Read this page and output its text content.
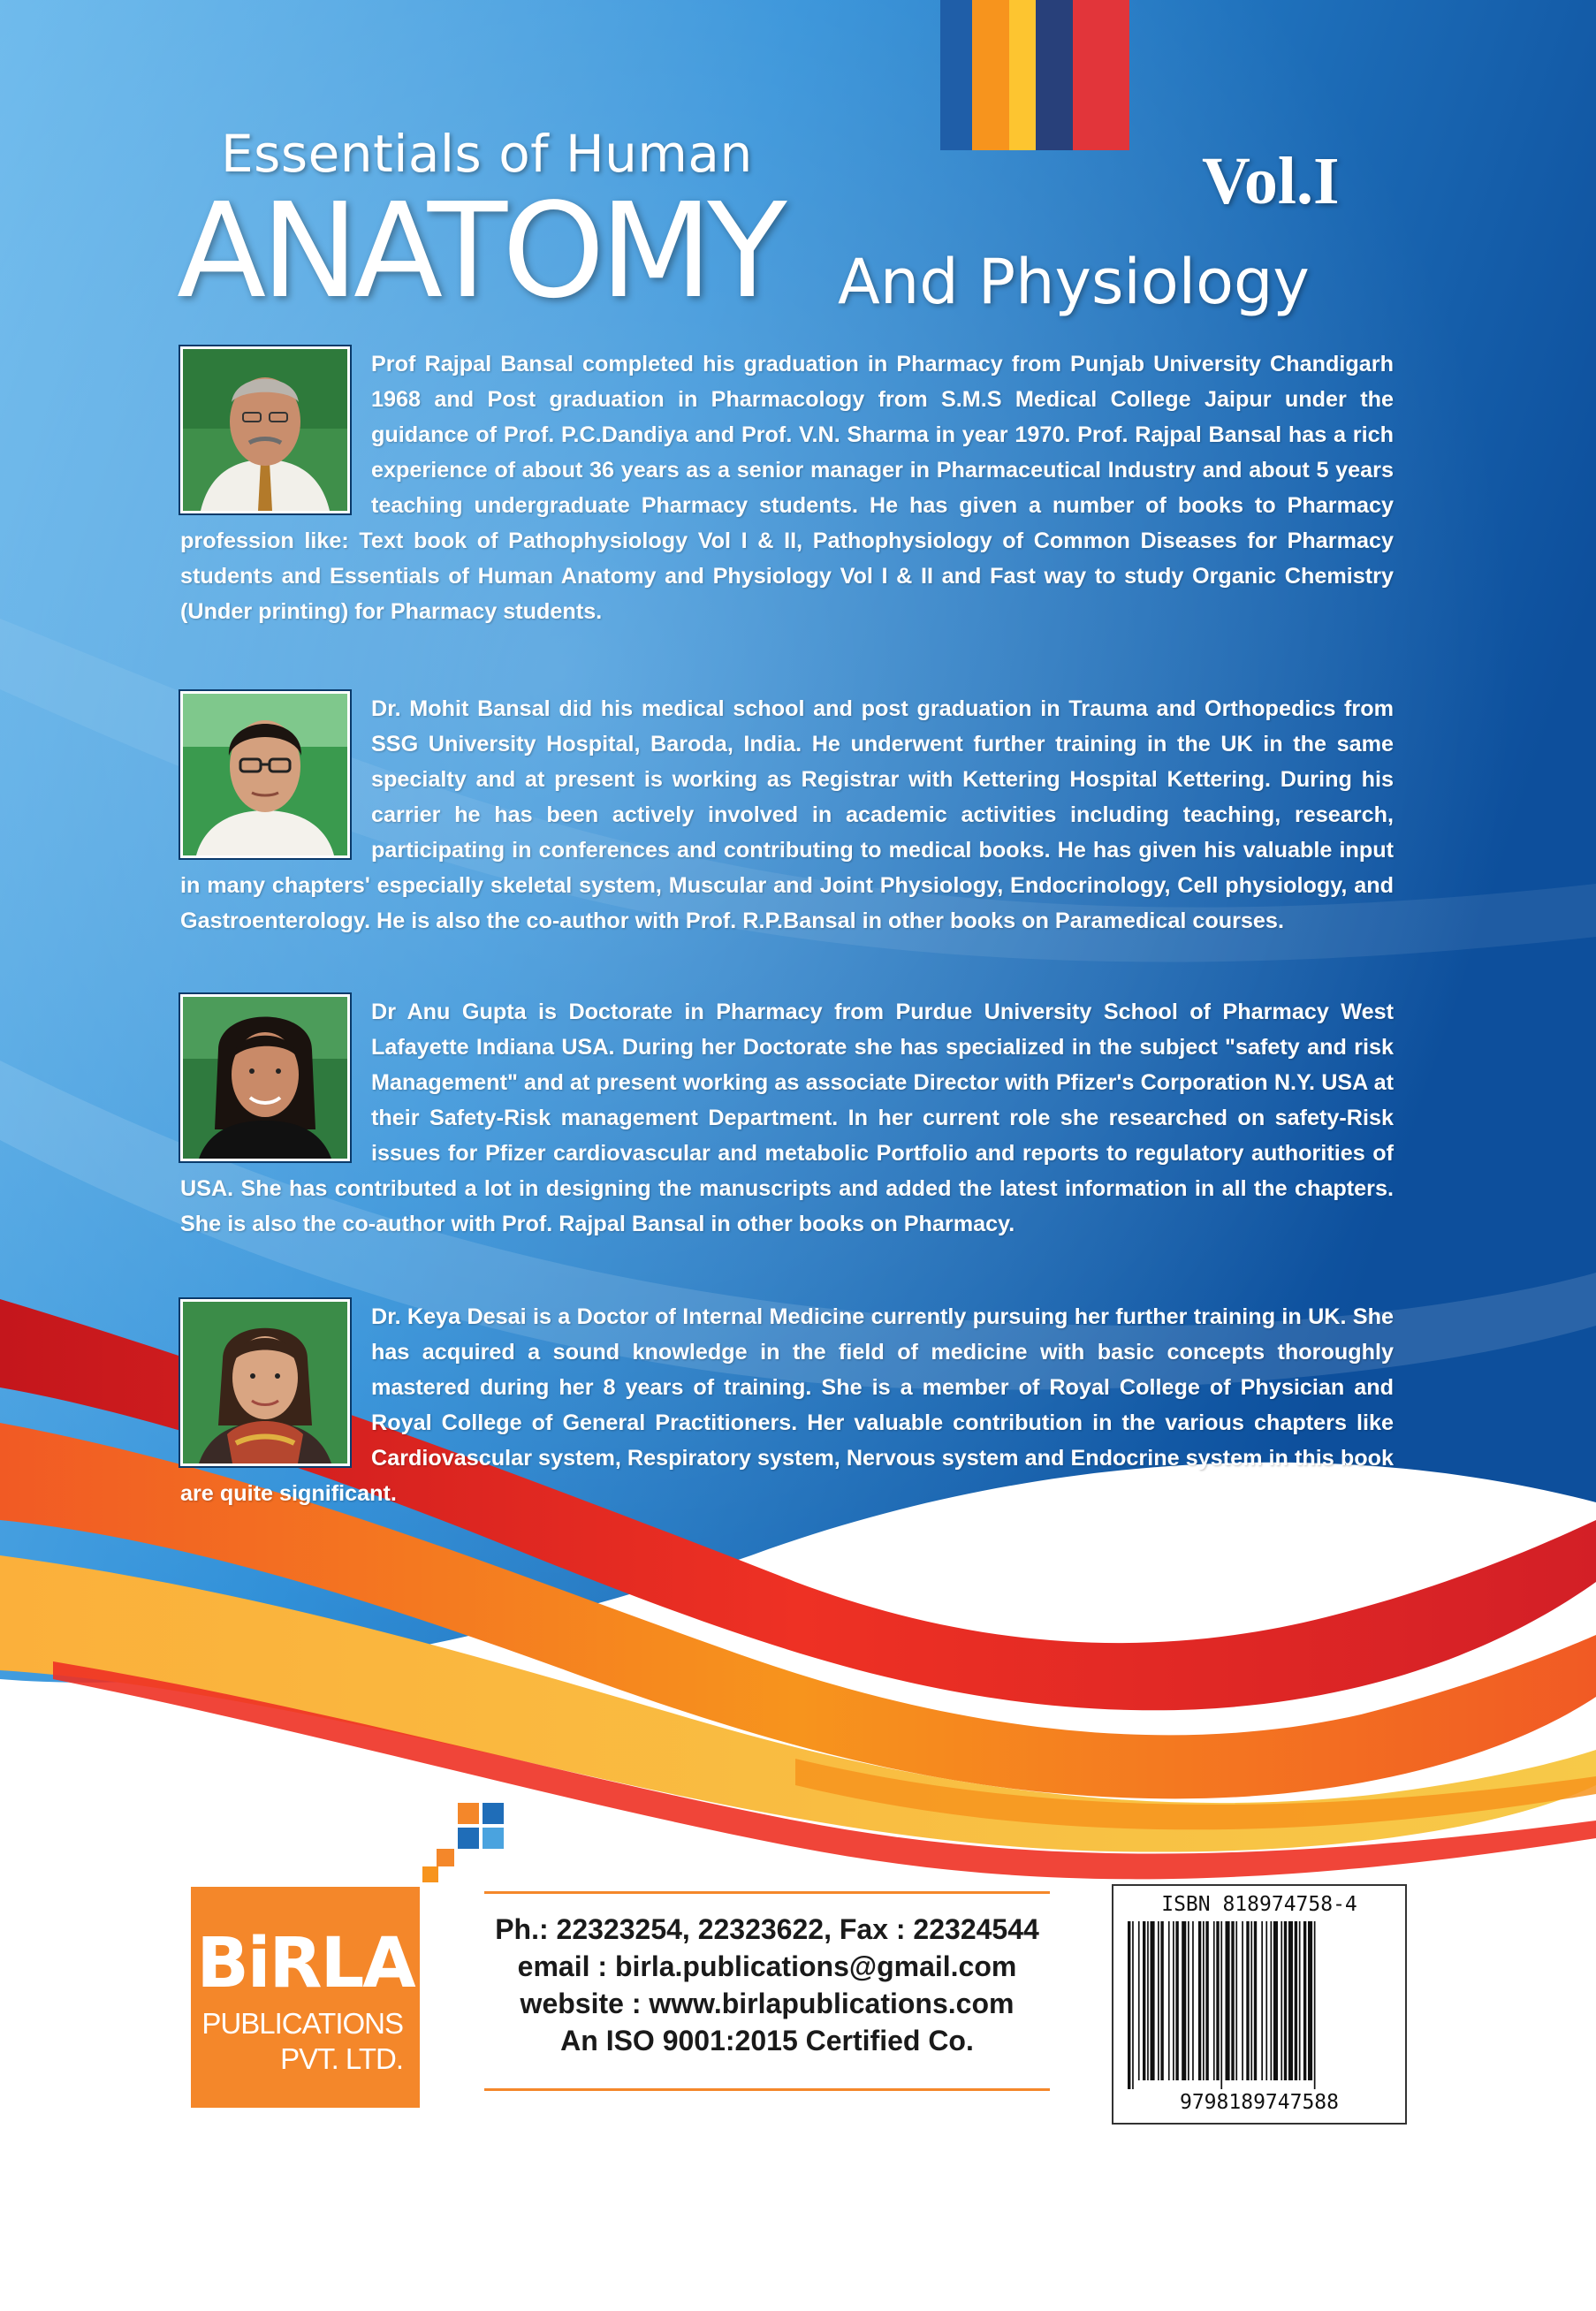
Essentials of Human
ANATOMY And Physiology
Vol.I
Prof Rajpal Bansal completed his graduation in Pharmacy from Punjab University Chandigarh 1968 and Post graduation in Pharmacology from S.M.S Medical College Jaipur under the guidance of Prof. P.C.Dandiya and Prof. V.N. Sharma in year 1970. Prof. Rajpal Bansal has a rich experience of about 36 years as a senior manager in Pharmaceutical Industry and about 5 years teaching undergraduate Pharmacy students. He has given a number of books to Pharmacy profession like: Text book of Pathophysiology Vol I & II, Pathophysiology of Common Diseases for Pharmacy students and Essentials of Human Anatomy and Physiology Vol I & II and Fast way to study Organic Chemistry (Under printing) for Pharmacy students.
Dr. Mohit Bansal did his medical school and post graduation in Trauma and Orthopedics from SSG University Hospital, Baroda, India. He underwent further training in the UK in the same specialty and at present is working as Registrar with Kettering Hospital Kettering. During his carrier he has been actively involved in academic activities including teaching, research, participating in conferences and contributing to medical books. He has given his valuable input in many chapters' especially skeletal system, Muscular and Joint Physiology, Endocrinology, Cell physiology, and Gastroenterology. He is also the co-author with Prof. R.P.Bansal in other books on Paramedical courses.
Dr Anu Gupta is Doctorate in Pharmacy from Purdue University School of Pharmacy West Lafayette Indiana USA. During her Doctorate she has specialized in the subject "safety and risk Management" and at present working as associate Director with Pfizer's Corporation N.Y. USA at their Safety-Risk management Department. In her current role she researched on safety-Risk issues for Pfizer cardiovascular and metabolic Portfolio and reports to regulatory authorities of USA. She has contributed a lot in designing the manuscripts and added the latest information in all the chapters. She is also the co-author with Prof. Rajpal Bansal in other books on Pharmacy.
Dr. Keya Desai is a Doctor of Internal Medicine currently pursuing her further training in UK. She has acquired a sound knowledge in the field of medicine with basic concepts thoroughly mastered during her 8 years of training. She is a member of Royal College of Physician and Royal College of General Practitioners. Her valuable contribution in the various chapters like Cardiovascular system, Respiratory system, Nervous system and Endocrine system in this book are quite significant.
BiRLA
PUBLICATIONS
PVT. LTD.
Ph.: 22323254, 22323622, Fax : 22324544
email : birla.publications@gmail.com
website : www.birlapublications.com
An ISO 9001:2015 Certified Co.
ISBN 818974758-4
9798189747588
